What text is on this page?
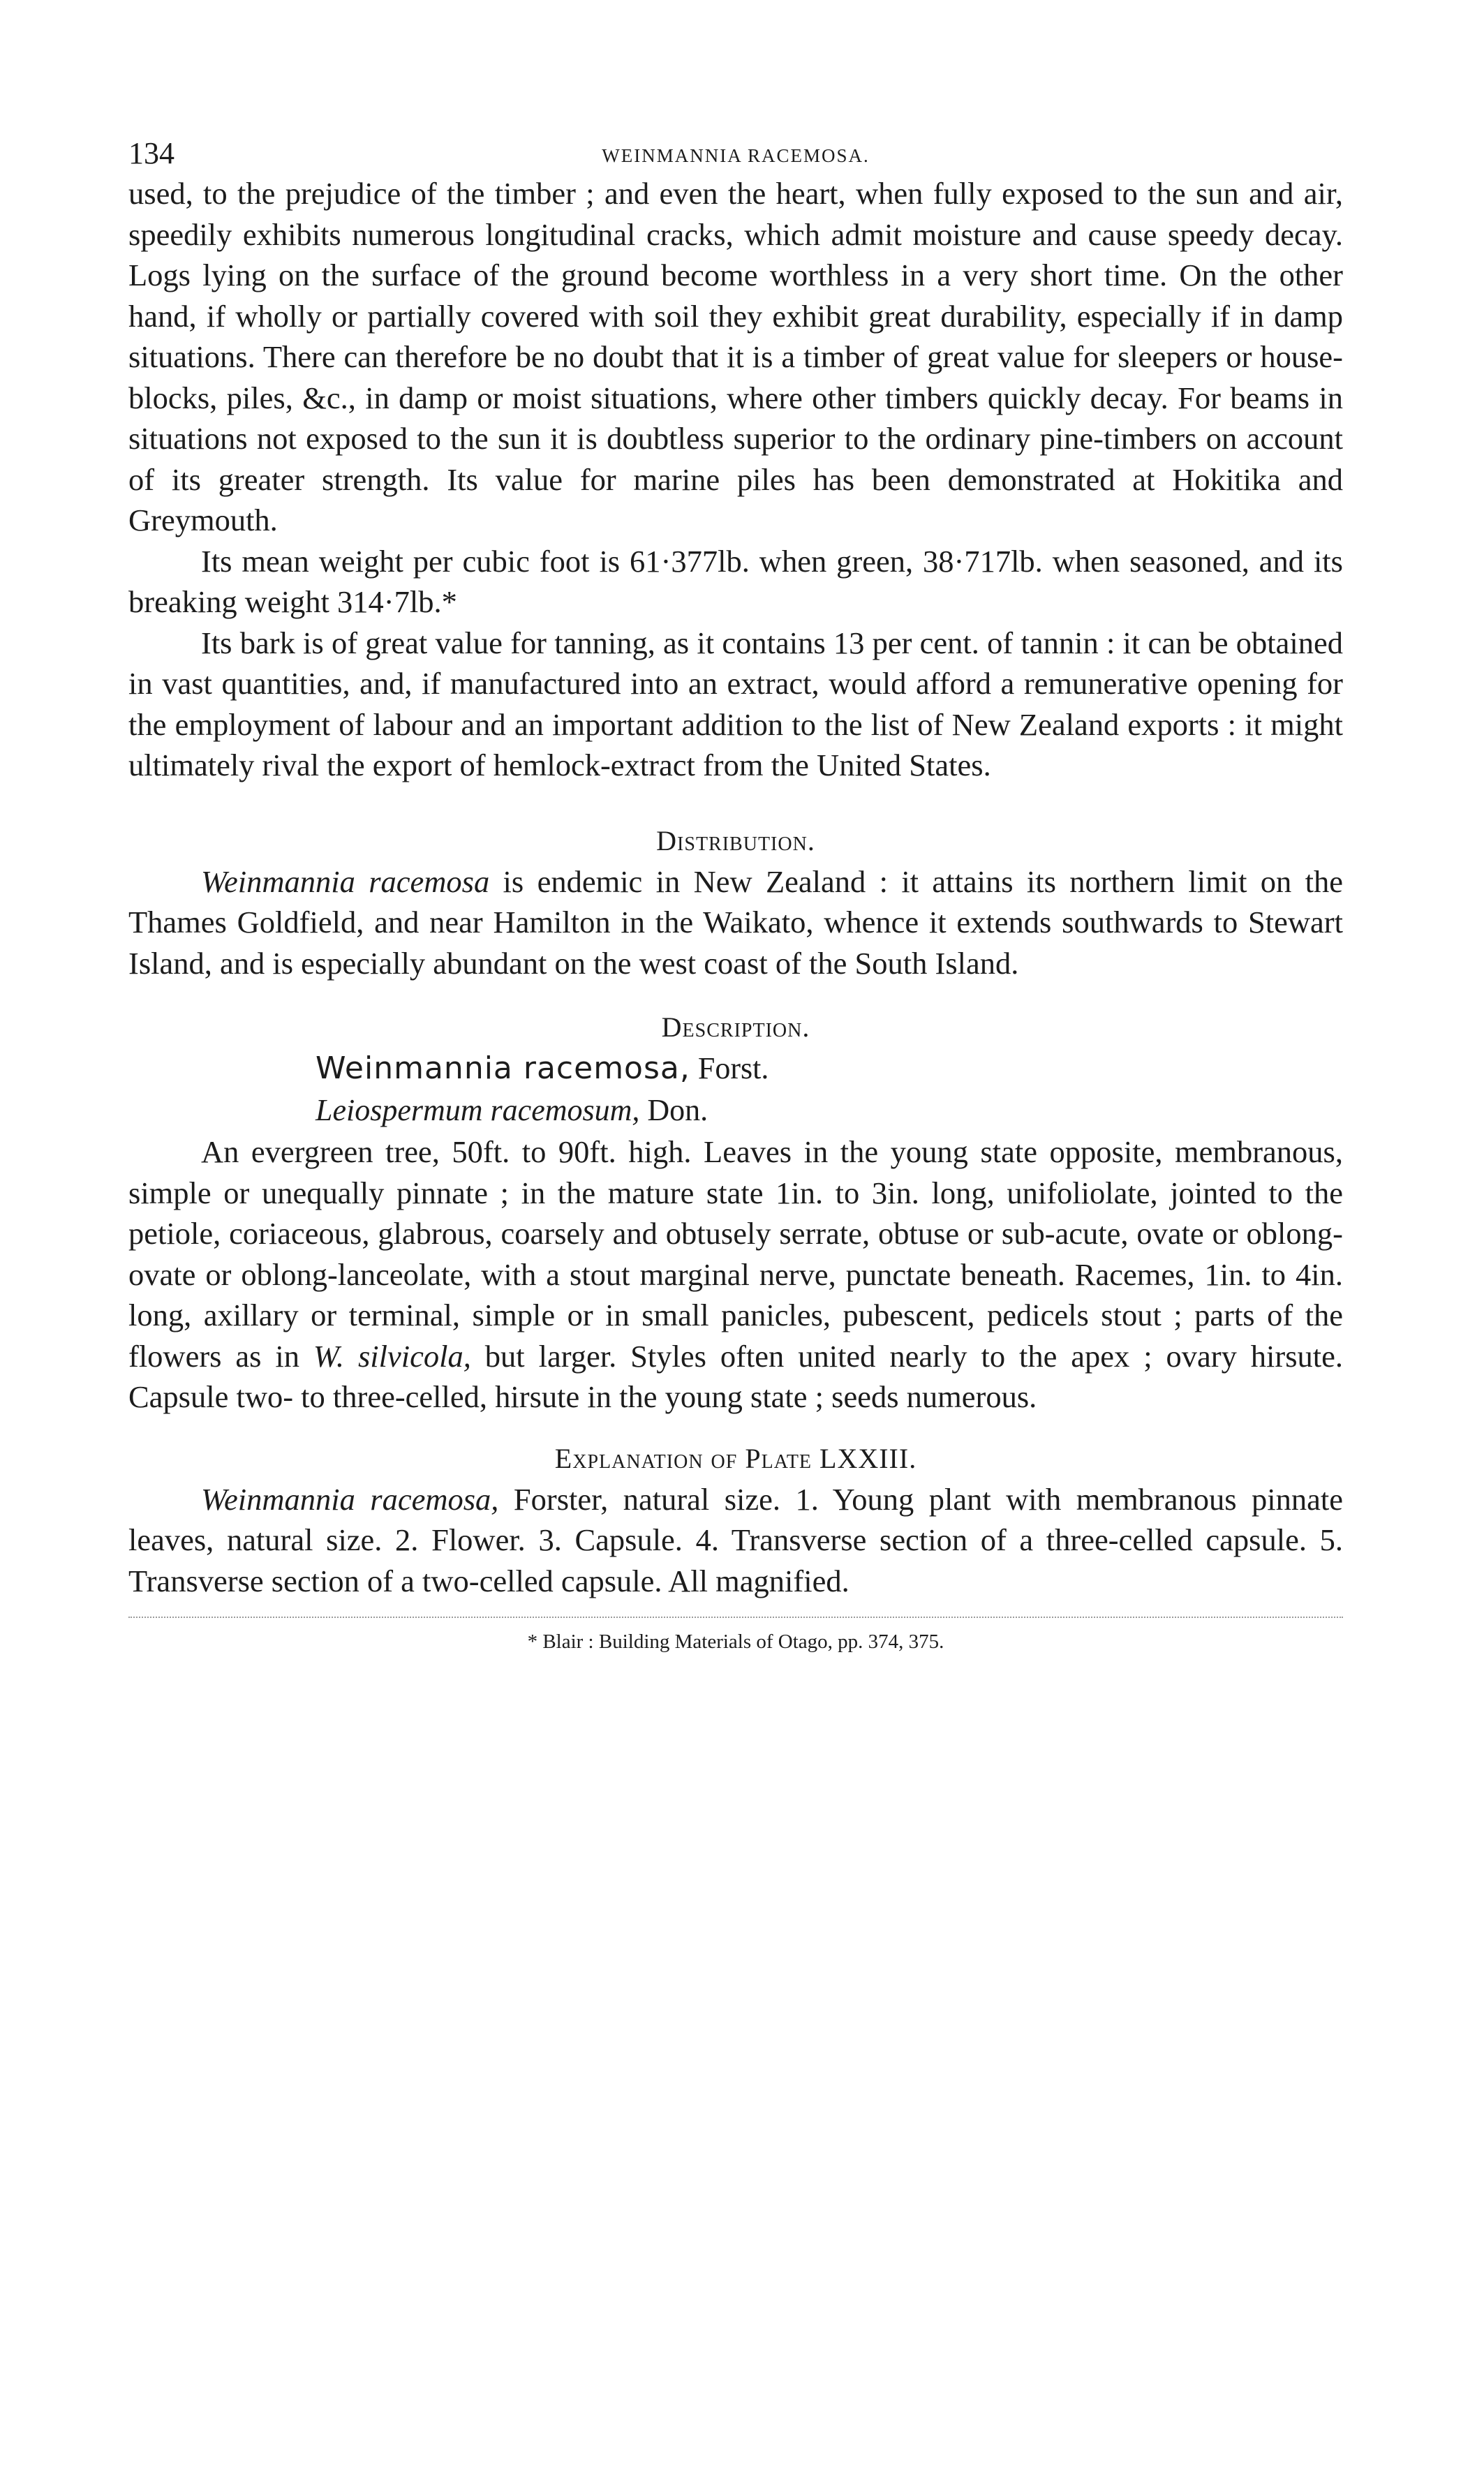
134	WEINMANNIA RACEMOSA.

used, to the prejudice of the timber ; and even the heart, when fully exposed to the sun and air, speedily exhibits numerous longitudinal cracks, which admit moisture and cause speedy decay. Logs lying on the surface of the ground become worthless in a very short time. On the other hand, if wholly or partially covered with soil they exhibit great durability, especially if in damp situations. There can therefore be no doubt that it is a timber of great value for sleepers or house-blocks, piles, &c., in damp or moist situations, where other timbers quickly decay. For beams in situations not exposed to the sun it is doubtless superior to the ordinary pine-timbers on account of its greater strength. Its value for marine piles has been demonstrated at Hokitika and Greymouth.

Its mean weight per cubic foot is 61·377lb. when green, 38·717lb. when seasoned, and its breaking weight 314·7lb.*

Its bark is of great value for tanning, as it contains 13 per cent. of tannin : it can be obtained in vast quantities, and, if manufactured into an extract, would afford a remunerative opening for the employment of labour and an important addition to the list of New Zealand exports : it might ultimately rival the export of hemlock-extract from the United States.

Distribution.

Weinmannia racemosa is endemic in New Zealand : it attains its northern limit on the Thames Goldfield, and near Hamilton in the Waikato, whence it extends southwards to Stewart Island, and is especially abundant on the west coast of the South Island.

Description.
Weinmannia racemosa, Forst.
Leiospermum racemosum, Don.

An evergreen tree, 50ft. to 90ft. high. Leaves in the young state opposite, membranous, simple or unequally pinnate ; in the mature state 1in. to 3in. long, unifoliolate, jointed to the petiole, coriaceous, glabrous, coarsely and obtusely serrate, obtuse or sub-acute, ovate or oblong-ovate or oblong-lanceolate, with a stout marginal nerve, punctate beneath. Racemes, 1in. to 4in. long, axillary or terminal, simple or in small panicles, pubescent, pedicels stout ; parts of the flowers as in W. silvicola, but larger. Styles often united nearly to the apex ; ovary hirsute. Capsule two- to three-celled, hirsute in the young state ; seeds numerous.

Explanation of Plate LXXIII.

Weinmannia racemosa, Forster, natural size. 1. Young plant with membranous pinnate leaves, natural size. 2. Flower. 3. Capsule. 4. Transverse section of a three-celled capsule. 5. Transverse section of a two-celled capsule. All magnified.

* Blair : Building Materials of Otago, pp. 374, 375.
